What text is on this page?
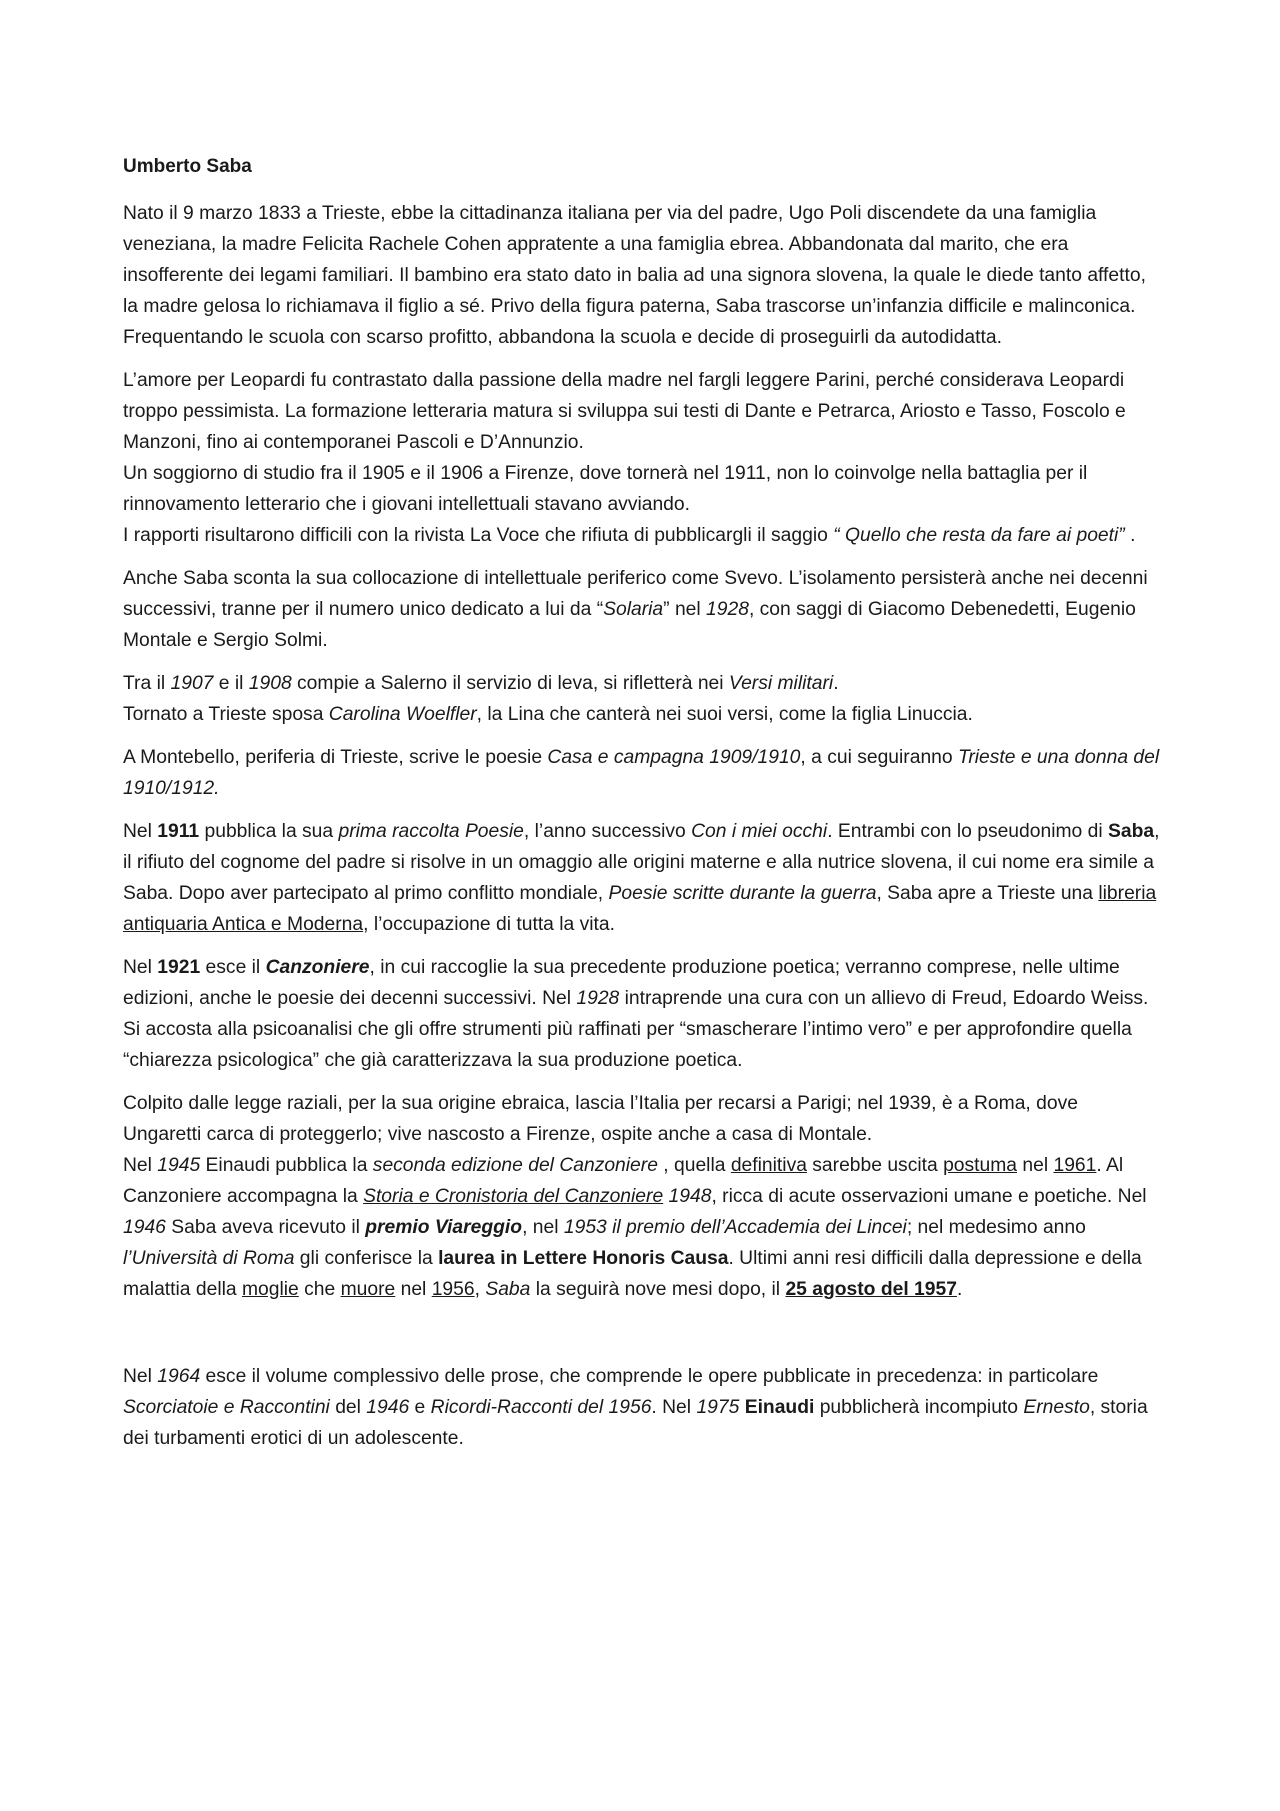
Umberto Saba

Nato il 9 marzo 1833 a Trieste, ebbe la cittadinanza italiana per via del padre, Ugo Poli discendete da una famiglia veneziana, la madre Felicita Rachele Cohen appratente a una famiglia ebrea. Abbandonata dal marito, che era insofferente dei legami familiari. Il bambino era stato dato in balia ad una signora slovena, la quale le diede tanto affetto, la madre gelosa lo richiamava il figlio a sé. Privo della figura paterna, Saba trascorse un’infanzia difficile e malinconica. Frequentando le scuola con scarso profitto, abbandona la scuola e decide di proseguirli da autodidatta.

L’amore per Leopardi fu contrastato dalla passione della madre nel fargli leggere Parini, perché considerava Leopardi troppo pessimista. La formazione letteraria matura si sviluppa sui testi di Dante e Petrarca, Ariosto e Tasso, Foscolo e Manzoni, fino ai contemporanei Pascoli e D’Annunzio.

Un soggiorno di studio fra il 1905 e il 1906 a Firenze, dove tornerà nel 1911, non lo coinvolge nella battaglia per il rinnovamento letterario che i giovani intellettuali stavano avviando.

I rapporti risultarono difficili con la rivista La Voce che rifiuta di pubblicargli il saggio “ Quello che resta da fare ai poeti” .

Anche Saba sconta la sua collocazione di intellettuale periferico come Svevo. L’isolamento persisterà anche nei decenni successivi, tranne per il numero unico dedicato a lui da “Solaria” nel 1928, con saggi di Giacomo Debenedetti, Eugenio Montale e Sergio Solmi.

Tra il 1907 e il 1908 compie a Salerno il servizio di leva, si rifletterà nei Versi militari.

Tornato a Trieste sposa Carolina Woelfler, la Lina che canterà nei suoi versi, come la figlia Linuccia.

A Montebello, periferia di Trieste, scrive le poesie Casa e campagna 1909/1910, a cui seguiranno Trieste e una donna del 1910/1912.

Nel 1911 pubblica la sua prima raccolta Poesie, l’anno successivo Con i miei occhi. Entrambi con lo pseudonimo di Saba, il rifiuto del cognome del padre si risolve in un omaggio alle origini materne e alla nutrice slovena, il cui nome era simile a Saba. Dopo aver partecipato al primo conflitto mondiale, Poesie scritte durante la guerra, Saba apre a Trieste una libreria antiquaria Antica e Moderna, l’occupazione di tutta la vita.

Nel 1921 esce il Canzoniere, in cui raccoglie la sua precedente produzione poetica; verranno comprese, nelle ultime edizioni, anche le poesie dei decenni successivi. Nel 1928 intraprende una cura con un allievo di Freud, Edoardo Weiss. Si accosta alla psicoanalisi che gli offre strumenti più raffinati per “smascherare l’intimo vero” e per approfondire quella “chiarezza psicologica” che già caratterizzava la sua produzione poetica.

Colpito dalle legge raziali, per la sua origine ebraica, lascia l’Italia per recarsi a Parigi; nel 1939, è a Roma, dove Ungaretti carca di proteggerlo; vive nascosto a Firenze, ospite anche a casa di Montale.

Nel 1945 Einaudi pubblica la seconda edizione del Canzoniere , quella definitiva sarebbe uscita postuma nel 1961. Al Canzoniere accompagna la Storia e Cronistoria del Canzoniere 1948, ricca di acute osservazioni umane e poetiche. Nel 1946 Saba aveva ricevuto il premio Viareggio, nel 1953 il premio dell’Accademia dei Lincei; nel medesimo anno l’Università di Roma gli conferisce la laurea in Lettere Honoris Causa. Ultimi anni resi difficili dalla depressione e della malattia della moglie che muore nel 1956, Saba la seguirà nove mesi dopo, il 25 agosto del 1957.

Nel 1964 esce il volume complessivo delle prose, che comprende le opere pubblicate in precedenza: in particolare Scorciatoie e Raccontini del 1946 e Ricordi-Racconti del 1956. Nel 1975 Einaudi pubblicherà incompiuto Ernesto, storia dei turbamenti erotici di un adolescente.
